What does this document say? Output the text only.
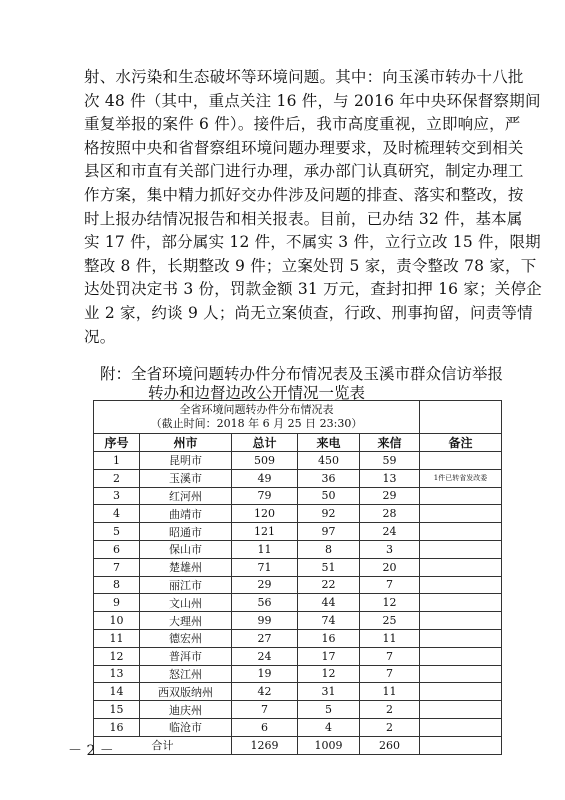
射、水污染和生态破坏等环境问题。其中：向玉溪市转办十八批
次 48 件（其中，重点关注 16 件，与 2016 年中央环保督察期间
重复举报的案件 6 件）。接件后，我市高度重视，立即响应，严
格按照中央和省督察组环境问题办理要求，及时梳理转交到相关
县区和市直有关部门进行办理，承办部门认真研究，制定办理工
作方案，集中精力抓好交办件涉及问题的排查、落实和整改，按
时上报办结情况报告和相关报表。目前，已办结 32 件，基本属
实 17 件，部分属实 12 件，不属实 3 件，立行立改 15 件，限期
整改 8 件，长期整改 9 件；立案处罚 5 家，责令整改 78 家，下
达处罚决定书 3 份，罚款金额 31 万元，查封扣押 16 家；关停企
业 2 家，约谈 9 人；尚无立案侦查，行政、刑事拘留，问责等情
况。
附：全省环境问题转办件分布情况表及玉溪市群众信访举报
转办和边督边改公开情况一览表
全省环境问题转办件分布情况表
（截止时间：2018 年 6 月 25 日 23:30）					

序号	州市	总计	来电	来信	备注
1	昆明市	509	450	59	
2	玉溪市	49	36	13	1件已转省发改委
3	红河州	79	50	29	
4	曲靖市	120	92	28	
5	昭通市	121	97	24	
6	保山市	11	8	3	
7	楚雄州	71	51	20	
8	丽江市	29	22	7	
9	文山州	56	44	12	
10	大理州	99	74	25	
11	德宏州	27	16	11	
12	普洱市	24	17	7	
13	怒江州	19	12	7	
14	西双版纳州	42	31	11	
15	迪庆州	7	5	2	
16	临沧市	6	4	2	
合计		1269	1009	260	
－ 2 －
